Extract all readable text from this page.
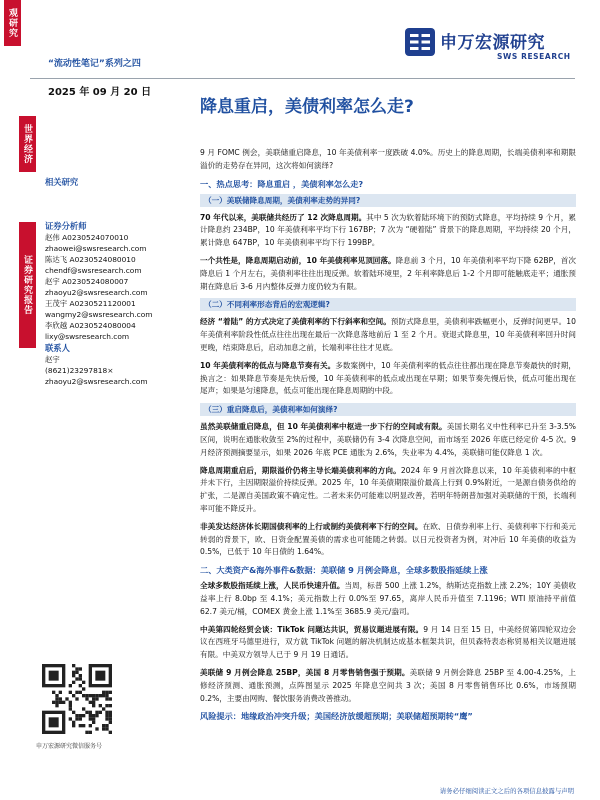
观研究
世界经济
证券研究报告
“流动性笔记”系列之四
2025 年 09 月 20 日
申万宏源研究
SWS RESEARCH
降息重启，美债利率怎么走?
相关研究
证券分析师
赵伟 A0230524070010
zhaowei@swsresearch.com
陈达飞 A0230524080010
chendf@swsresearch.com
赵宇 A0230524080007
zhaoyu2@swsresearch.com
王茂宇 A0230521120001
wangmy2@swsresearch.com
李欣越 A0230524080004
lixy@swsresearch.com
联系人
赵宇
(8621)23297818×
zhaoyu2@swsresearch.com

9 月 FOMC 例会，美联储重启降息，10 年美债利率一度跌破 4.0%。历史上的降息周期，长端美债利率和期限溢价的走势存在异同，这次将如何演绎?

一、热点思考：降息重启 ，美债利率怎么走?
（一）美联储降息周期，美债利率走势的异同?

70 年代以来，美联储共经历了 12 次降息周期。其中 5 次为软着陆环境下的预防式降息，平均持续 9 个月，累计降息约 234BP，10 年美债利率平均下行 167BP；7 次为 “硬着陆” 背景下的降息周期，平均持续 20 个月，累计降息 647BP，10 年美债利率平均下行 199BP。

一个共性是，降息周期启动前，10 年美债利率见顶回落。降息前 3 个月，10 年美债利率平均下降 62BP，首次降息后 1 个月左右，美债利率往往出现反弹。软着陆环境里，2 年利率降息后 1-2 个月即可能触底走平；通胀预期在降息后 3-6 月内整体反弹力度仍较为有限。

（二）不同利率形态背后的宏观逻辑?

经济 “着陆” 的方式决定了美债利率的下行斜率和空间。预防式降息里，美债利率跌幅更小，反弹时间更早。10 年美债利率阶段性低点往往出现在最后一次降息落地前后 1 至 2 个月。衰退式降息里，10 年美债利率回升时间更晚，结束降息后，启动加息之前，长端利率往往才见底。

10 年美债利率的低点与降息节奏有关。多数案例中，10 年美债利率的低点往往都出现在降息节奏最快的时期，换言之：如果降息节奏是先快后慢，10 年美债利率的低点或出现在早期；如果节奏先慢后快，低点可能出现在尾声；如果是匀速降息，低点可能出现在降息周期的中段。

（三）重启降息后，美债利率如何演绎?

虽然美联储重启降息，但 10 年美债利率中枢进一步下行的空间或有限。美国长期名义中性利率已升至 3-3.5%区间，说明在通胀收敛至 2%的过程中，美联储仍有 3-4 次降息空间，而市场至 2026 年底已经定价 4-5 次。9 月经济预测摘要显示，如果 2026 年底 PCE 通胀为 2.6%，失业率为 4.4%，美联储可能仅降息 1 次。

降息周期重启后，期限溢价仍将主导长端美债利率的方向。2024 年 9 月首次降息以来，10 年美债利率的中枢并未下行，主因期限溢价持续反弹。2025 年，10 年美债期限溢价最高上行到 0.9%附近，一是源自债务供给的扩张，二是源自美国政策不确定性。二者未来仍可能难以明显改善，若明年特朗普加强对美联储的干预，长端利率可能不降反升。

非美发达经济体长期国债利率的上行或制约美债利率下行的空间。在欧、日债券利率上行、美债利率下行和美元转弱的背景下，欧、日资金配置美债的需求也可能随之转弱。以日元投资者为例，对冲后 10 年美债的收益为 0.5%，已低于 10 年日债的 1.64%。

二、大类资产&海外事件&数据：美联储 9 月例会降息，全球多数股指延续上涨

全球多数股指延续上涨，人民币快速升值。当周，标普 500 上涨 1.2%，纳斯达克指数上涨 2.2%；10Y 美债收益率上行 8.0bp 至 4.1%；美元指数上行 0.0%至 97.65，离岸人民币升值至 7.1196；WTI 原油持平前值 62.7 美元/桶，COMEX 黄金上涨 1.1%至 3685.9 美元/盎司。

中美第四轮经贸会谈：TikTok 问题达共识，贸易议题进展有限。9 月 14 日至 15 日，中美经贸第四轮双边会议在西班牙马德里进行，双方就 TikTok 问题的解决机制达成基本框架共识，但贝森特表态称贸易相关议题进展有限。中美双方领导人已于 9 月 19 日通话。

美联储 9 月例会降息 25BP，美国 8 月零售销售强于预期。美联储 9 月例会降息 25BP 至 4.00-4.25%，上修经济预测、通胀预测，点阵图显示 2025 年降息空间共 3 次；美国 8 月零售销售环比 0.6%，市场预期 0.2%，主要由网购、餐饮服务消费改善推动。

风险提示：地缘政治冲突升级；美国经济放缓超预期；美联储超预期转“鹰”
申万宏源研究微信服务号
请务必仔细阅读正文之后的各项信息披露与声明
